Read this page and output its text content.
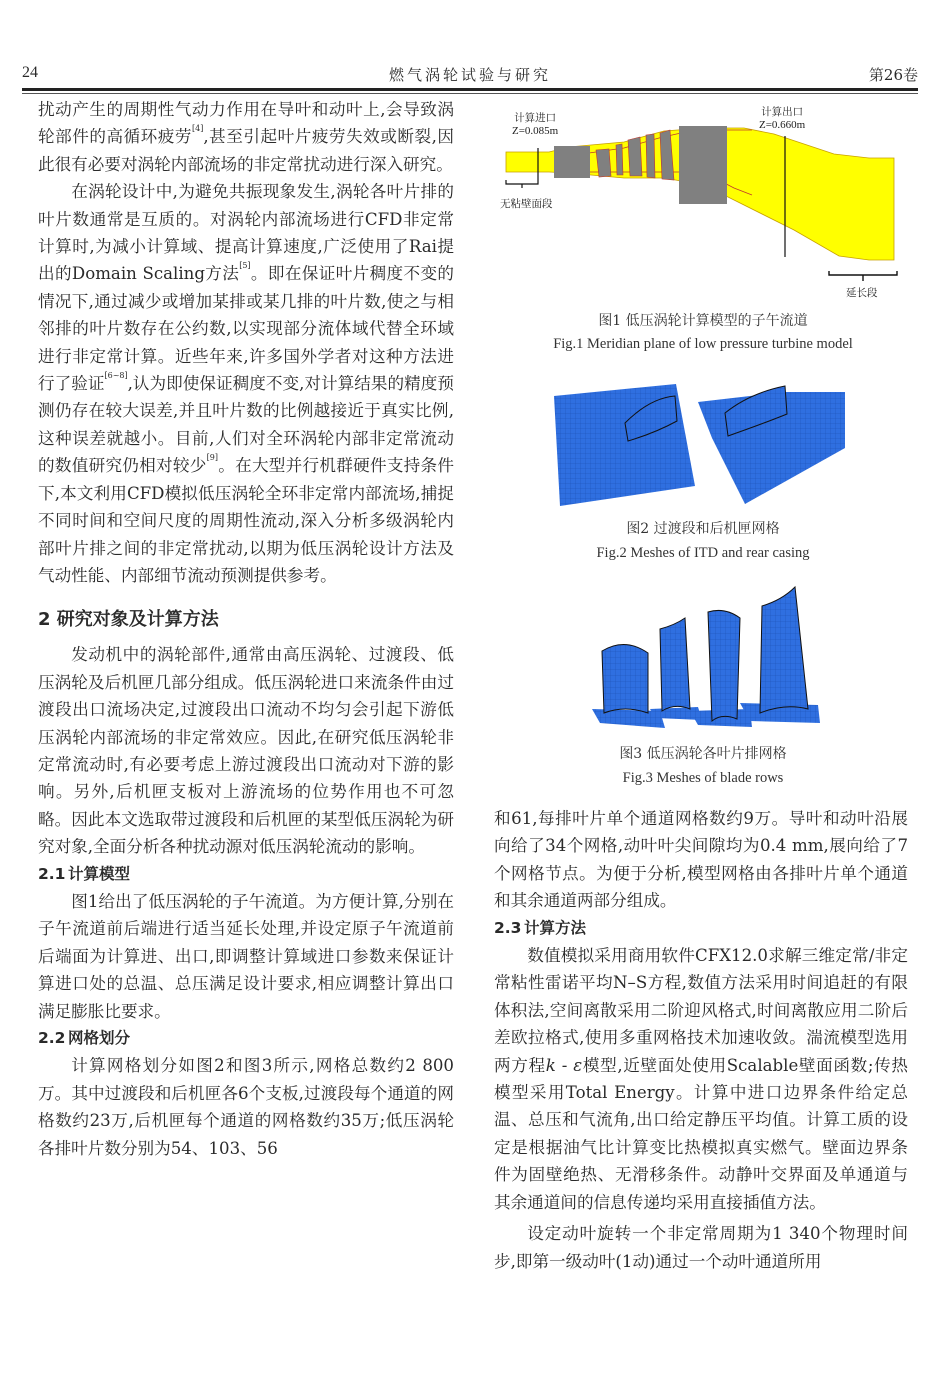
24	燃气涡轮试验与研究	第26卷

扰动产生的周期性气动力作用在导叶和动叶上,会导致涡轮部件的高循环疲劳[4],甚至引起叶片疲劳失效或断裂,因此很有必要对涡轮内部流场的非定常扰动进行深入研究。

在涡轮设计中,为避免共振现象发生,涡轮各叶片排的叶片数通常是互质的。对涡轮内部流场进行CFD非定常计算时,为减小计算域、提高计算速度,广泛使用了Rai提出的Domain Scaling方法[5]。即在保证叶片稠度不变的情况下,通过减少或增加某排或某几排的叶片数,使之与相邻排的叶片数存在公约数,以实现部分流体域代替全环域进行非定常计算。近些年来,许多国外学者对这种方法进行了验证[6~8],认为即使保证稠度不变,对计算结果的精度预测仍存在较大误差,并且叶片数的比例越接近于真实比例,这种误差就越小。目前,人们对全环涡轮内部非定常流动的数值研究仍相对较少[9]。在大型并行机群硬件支持条件下,本文利用CFD模拟低压涡轮全环非定常内部流场,捕捉不同时间和空间尺度的周期性流动,深入分析多级涡轮内部叶片排之间的非定常扰动,以期为低压涡轮设计方法及气动性能、内部细节流动预测提供参考。

2 研究对象及计算方法

发动机中的涡轮部件,通常由高压涡轮、过渡段、低压涡轮及后机匣几部分组成。低压涡轮进口来流条件由过渡段出口流场决定,过渡段出口流动不均匀会引起下游低压涡轮内部流场的非定常效应。因此,在研究低压涡轮非定常流动时,有必要考虑上游过渡段出口流动对下游的影响。另外,后机匣支板对上游流场的位势作用也不可忽略。因此本文选取带过渡段和后机匣的某型低压涡轮为研究对象,全面分析各种扰动源对低压涡轮流动的影响。

2.1 计算模型

图1给出了低压涡轮的子午流道。为方便计算,分别在子午流道前后端进行适当延长处理,并设定原子午流道前后端面为计算进、出口,即调整计算域进口参数来保证计算进口处的总温、总压满足设计要求,相应调整计算出口满足膨胀比要求。

2.2 网格划分

计算网格划分如图2和图3所示,网格总数约2 800万。其中过渡段和后机匣各6个支板,过渡段每个通道的网格数约23万,后机匣每个通道的网格数约35万;低压涡轮各排叶片数分别为54、103、56

计算进口
Z=0.085m
计算出口
Z=0.660m
无粘壁面段
延长段
图1 低压涡轮计算模型的子午流道
Fig.1 Meridian plane of low pressure turbine model
图2 过渡段和后机匣网格
Fig.2 Meshes of ITD and rear casing
图3 低压涡轮各叶片排网格
Fig.3 Meshes of blade rows

和61,每排叶片单个通道网格数约9万。导叶和动叶沿展向给了34个网格,动叶叶尖间隙均为0.4 mm,展向给了7个网格节点。为便于分析,模型网格由各排叶片单个通道和其余通道两部分组成。

2.3 计算方法

数值模拟采用商用软件CFX12.0求解三维定常/非定常粘性雷诺平均N–S方程,数值方法采用时间追赶的有限体积法,空间离散采用二阶迎风格式,时间离散应用二阶后差欧拉格式,使用多重网格技术加速收敛。湍流模型选用两方程k - ε模型,近壁面处使用Scalable壁面函数;传热模型采用Total Energy。计算中进口边界条件给定总温、总压和气流角,出口给定静压平均值。计算工质的设定是根据油气比计算变比热模拟真实燃气。壁面边界条件为固壁绝热、无滑移条件。动静叶交界面及单通道与其余通道间的信息传递均采用直接插值方法。

设定动叶旋转一个非定常周期为1 340个物理时间步,即第一级动叶(1动)通过一个动叶通道所用
